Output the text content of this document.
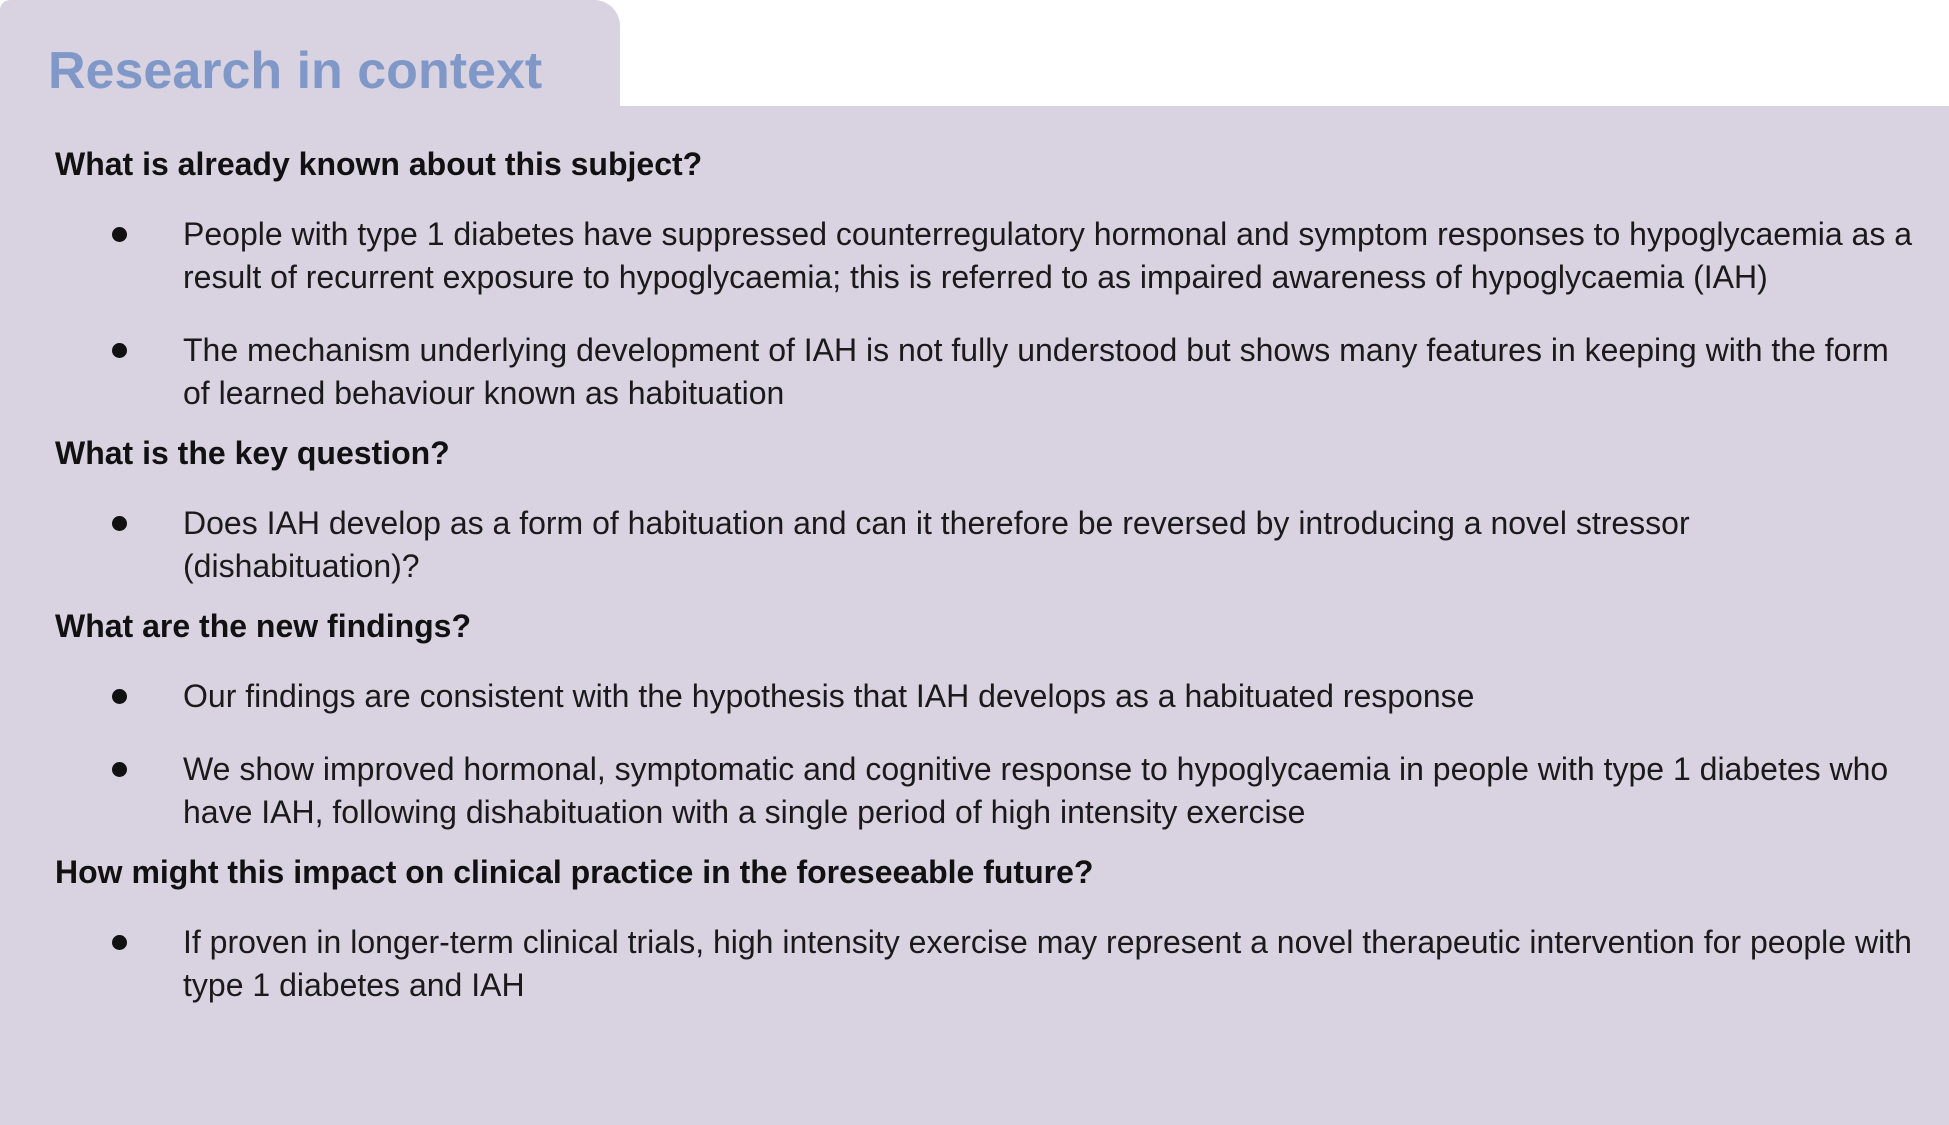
Research in context
What is already known about this subject?
People with type 1 diabetes have suppressed counterregulatory hormonal and symptom responses to hypoglycaemia as a result of recurrent exposure to hypoglycaemia; this is referred to as impaired awareness of hypoglycaemia (IAH)
The mechanism underlying development of IAH is not fully understood but shows many features in keeping with the form of learned behaviour known as habituation
What is the key question?
Does IAH develop as a form of habituation and can it therefore be reversed by introducing a novel stressor (dishabituation)?
What are the new findings?
Our findings are consistent with the hypothesis that IAH develops as a habituated response
We show improved hormonal, symptomatic and cognitive response to hypoglycaemia in people with type 1 diabetes who have IAH, following dishabituation with a single period of high intensity exercise
How might this impact on clinical practice in the foreseeable future?
If proven in longer-term clinical trials, high intensity exercise may represent a novel therapeutic intervention for people with type 1 diabetes and IAH
